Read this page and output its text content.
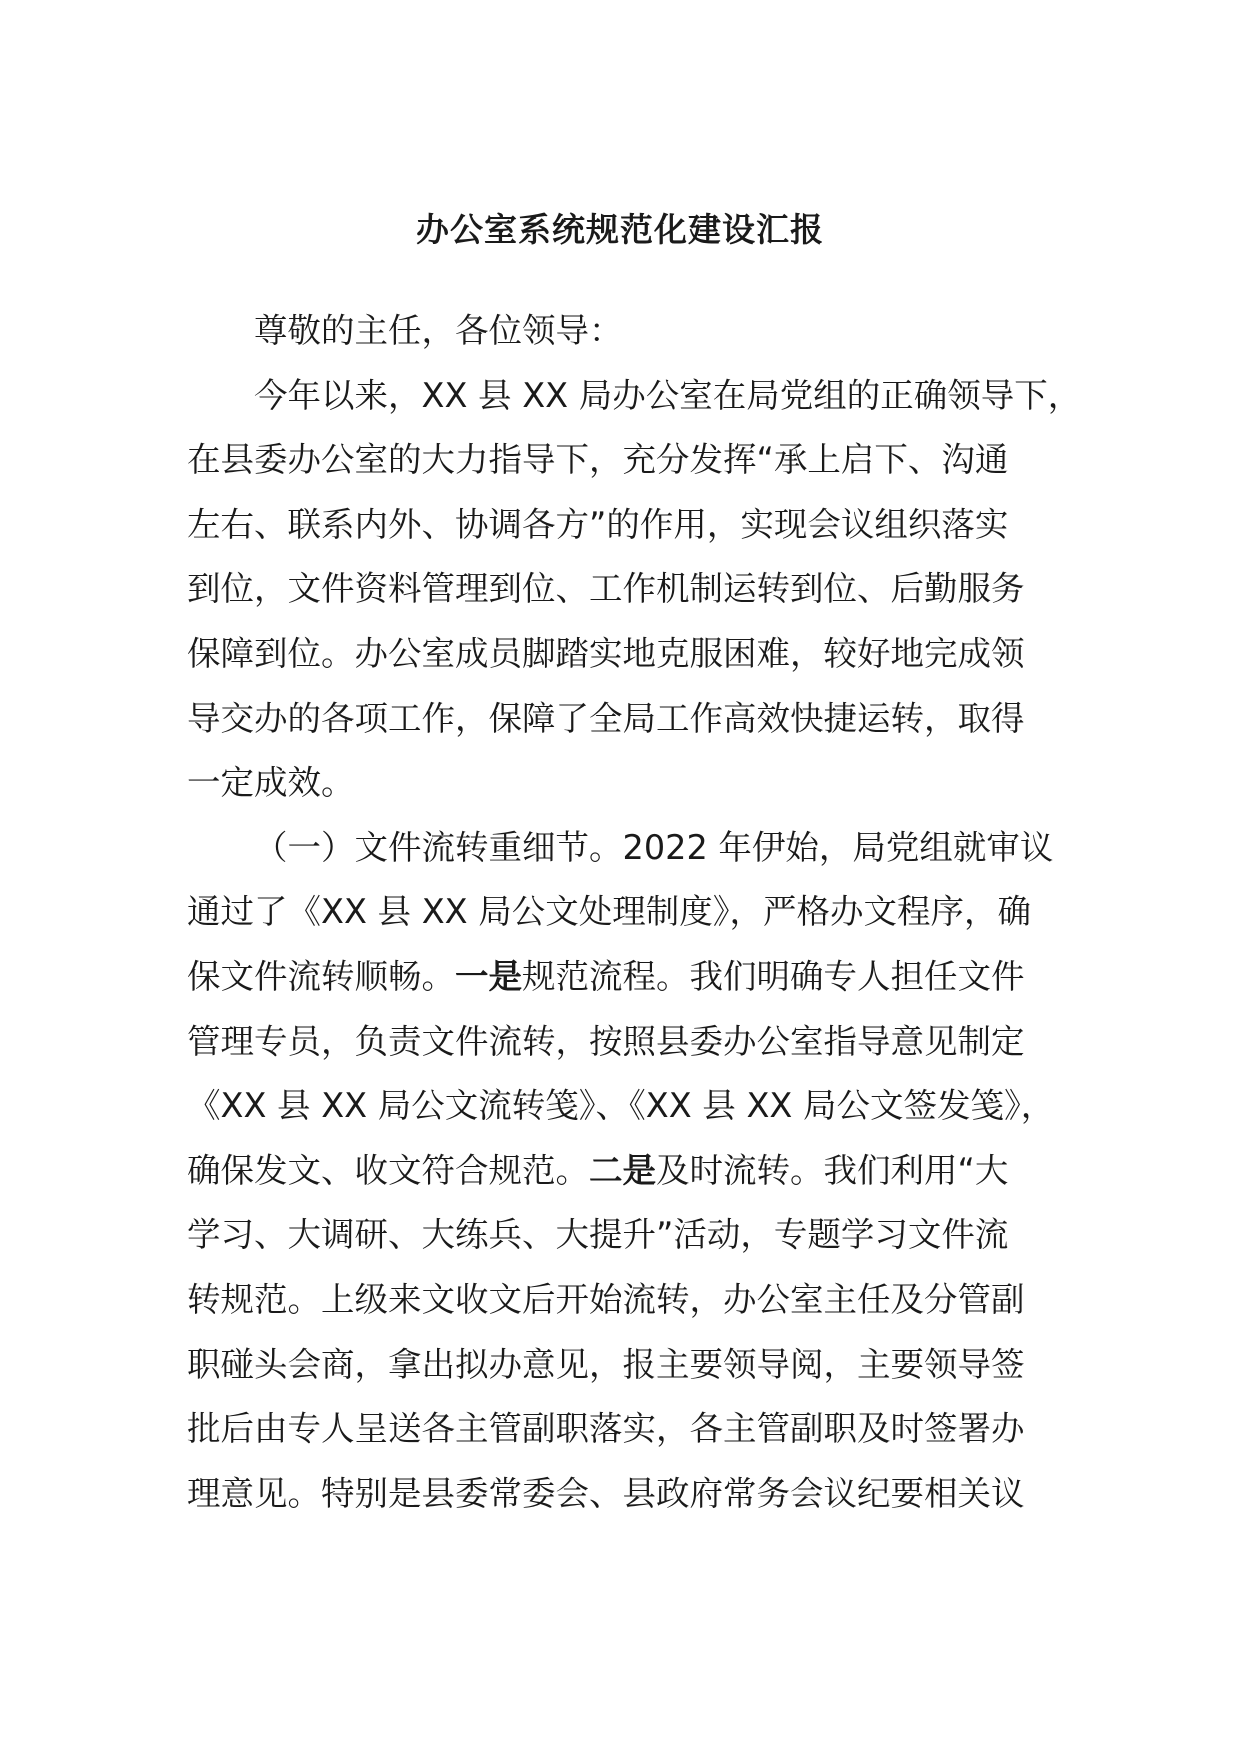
办公室系统规范化建设汇报
尊敬的主任，各位领导：
今年以来，XX 县 XX 局办公室在局党组的正确领导下，
在县委办公室的大力指导下，充分发挥“承上启下、沟通
左右、联系内外、协调各方”的作用，实现会议组织落实
到位，文件资料管理到位、工作机制运转到位、后勤服务
保障到位。办公室成员脚踏实地克服困难，较好地完成领
导交办的各项工作，保障了全局工作高效快捷运转，取得
一定成效。
（一）文件流转重细节。2022 年伊始，局党组就审议
通过了《XX 县 XX 局公文处理制度》，严格办文程序，确
保文件流转顺畅。一是规范流程。我们明确专人担任文件
管理专员，负责文件流转，按照县委办公室指导意见制定
《XX 县 XX 局公文流转笺》、《XX 县 XX 局公文签发笺》，
确保发文、收文符合规范。二是及时流转。我们利用“大
学习、大调研、大练兵、大提升”活动，专题学习文件流
转规范。上级来文收文后开始流转，办公室主任及分管副
职碰头会商，拿出拟办意见，报主要领导阅，主要领导签
批后由专人呈送各主管副职落实，各主管副职及时签署办
理意见。特别是县委常委会、县政府常务会议纪要相关议
